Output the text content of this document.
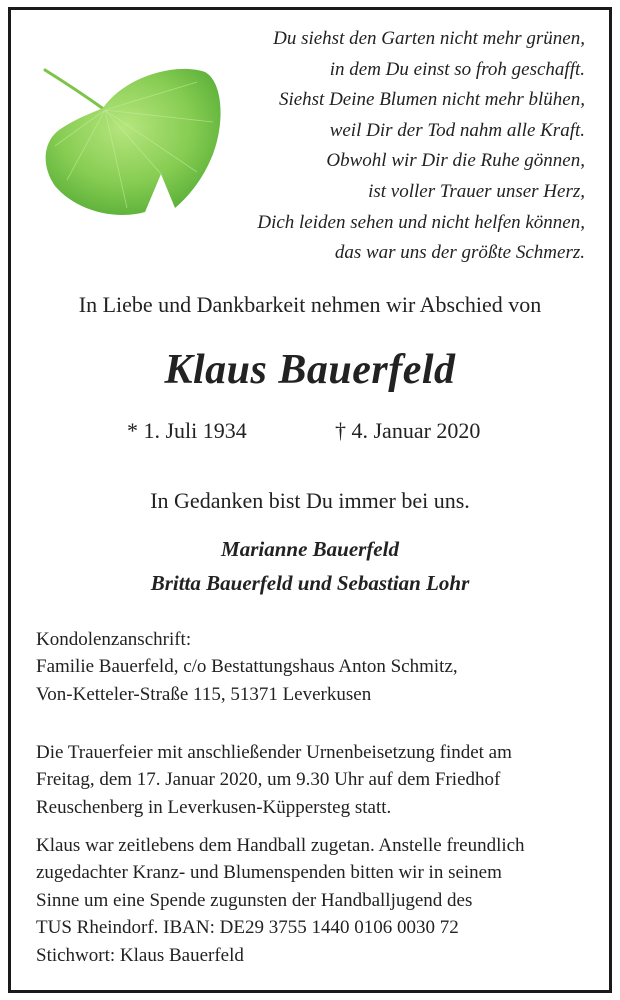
Du siehst den Garten nicht mehr grünen,
in dem Du einst so froh geschafft.
Siehst Deine Blumen nicht mehr blühen,
weil Dir der Tod nahm alle Kraft.
Obwohl wir Dir die Ruhe gönnen,
ist voller Trauer unser Herz,
Dich leiden sehen und nicht helfen können,
das war uns der größte Schmerz.
In Liebe und Dankbarkeit nehmen wir Abschied von
Klaus Bauerfeld
* 1. Juli 1934	† 4. Januar 2020
In Gedanken bist Du immer bei uns.
Marianne Bauerfeld
Britta Bauerfeld und Sebastian Lohr
Kondolenzanschrift:
Familie Bauerfeld, c/o Bestattungshaus Anton Schmitz,
Von-Ketteler-Straße 115, 51371 Leverkusen
Die Trauerfeier mit anschließender Urnenbeisetzung findet am
Freitag, dem 17. Januar 2020, um 9.30 Uhr auf dem Friedhof
Reuschenberg in Leverkusen-Küppersteg statt.
Klaus war zeitlebens dem Handball zugetan. Anstelle freundlich
zugedachter Kranz- und Blumenspenden bitten wir in seinem
Sinne um eine Spende zugunsten der Handballjugend des
TUS Rheindorf. IBAN: DE29 3755 1440 0106 0030 72
Stichwort: Klaus Bauerfeld
